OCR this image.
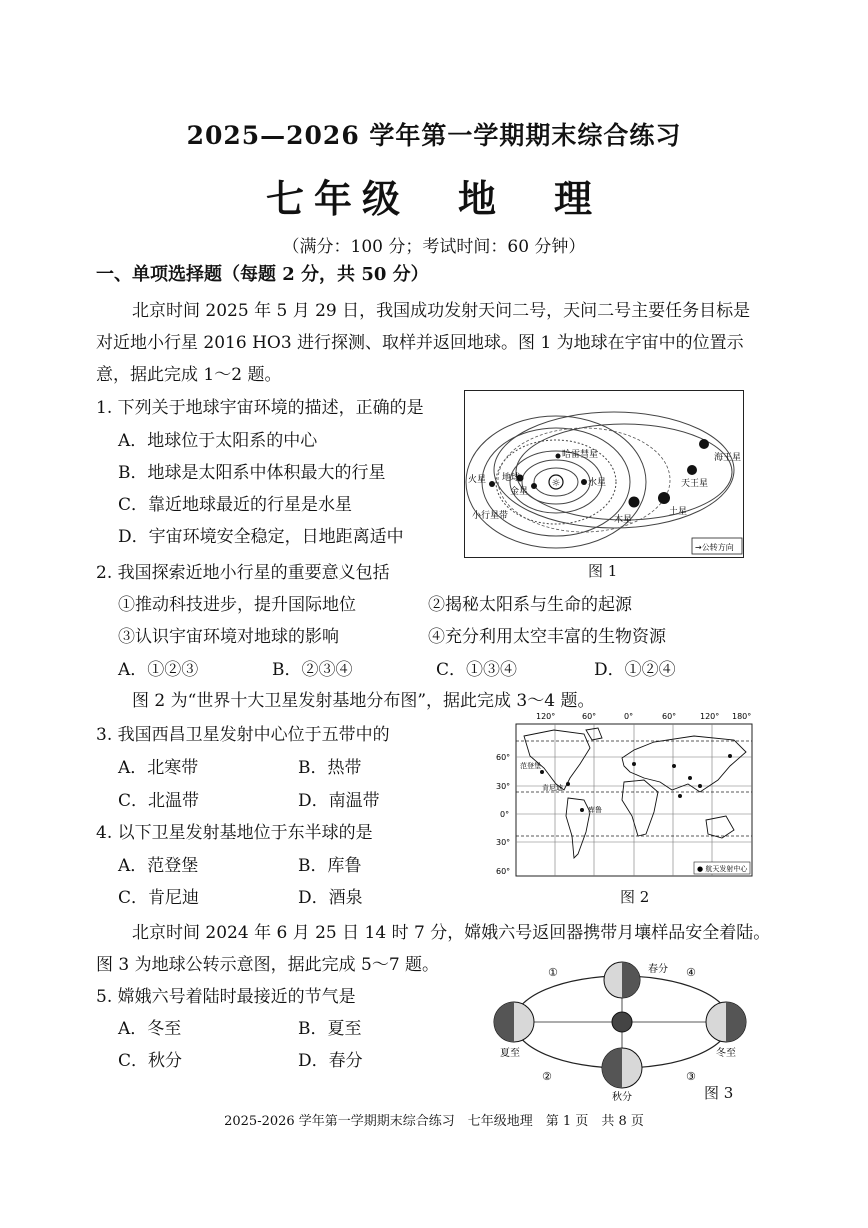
2025—2026 学年第一学期期末综合练习
七年级　地　理
（满分：100 分；考试时间：60 分钟）
一、单项选择题（每题 2 分，共 50 分）
北京时间 2025 年 5 月 29 日，我国成功发射天问二号，天问二号主要任务目标是
对近地小行星 2016 HO3 进行探测、取样并返回地球。图 1 为地球在宇宙中的位置示
意，据此完成 1～2 题。
1. 下列关于地球宇宙环境的描述，正确的是
A．地球位于太阳系的中心
B．地球是太阳系中体积最大的行星
C．靠近地球最近的行星是水星
D．宇宙环境安全稳定，日地距离适中
☼
哈雷彗星
水星
金星
地球
火星
小行星带	木星
土星
天王星
海王星
→公转方向
图 1
2. 我国探索近地小行星的重要意义包括
①推动科技进步，提升国际地位	②揭秘太阳系与生命的起源
③认识宇宙环境对地球的影响	④充分利用太空丰富的生物资源
A．①②③	B．②③④	C．①③④	D．①②④
图 2 为“世界十大卫星发射基地分布图”，据此完成 3～4 题。
3. 我国西昌卫星发射中心位于五带中的
A．北寒带	B．热带
C．北温带	D．南温带
4. 以下卫星发射基地位于东半球的是
A．范登堡	B．库鲁
C．肯尼迪	D．酒泉
120°	60°	0°	60°	120° 180°
60°
30°
0°
30°
60°
范登堡
肯尼迪
库鲁
● 航天发射中心
图 2
北京时间 2024 年 6 月 25 日 14 时 7 分，嫦娥六号返回器携带月壤样品安全着陆。
图 3 为地球公转示意图，据此完成 5～7 题。
5. 嫦娥六号着陆时最接近的节气是
A．冬至	B．夏至
C．秋分	D．春分
春分
夏至	冬至
秋分
①
②	③
④
图 3
2025-2026 学年第一学期期末综合练习　七年级地理　第 1 页　共 8 页
